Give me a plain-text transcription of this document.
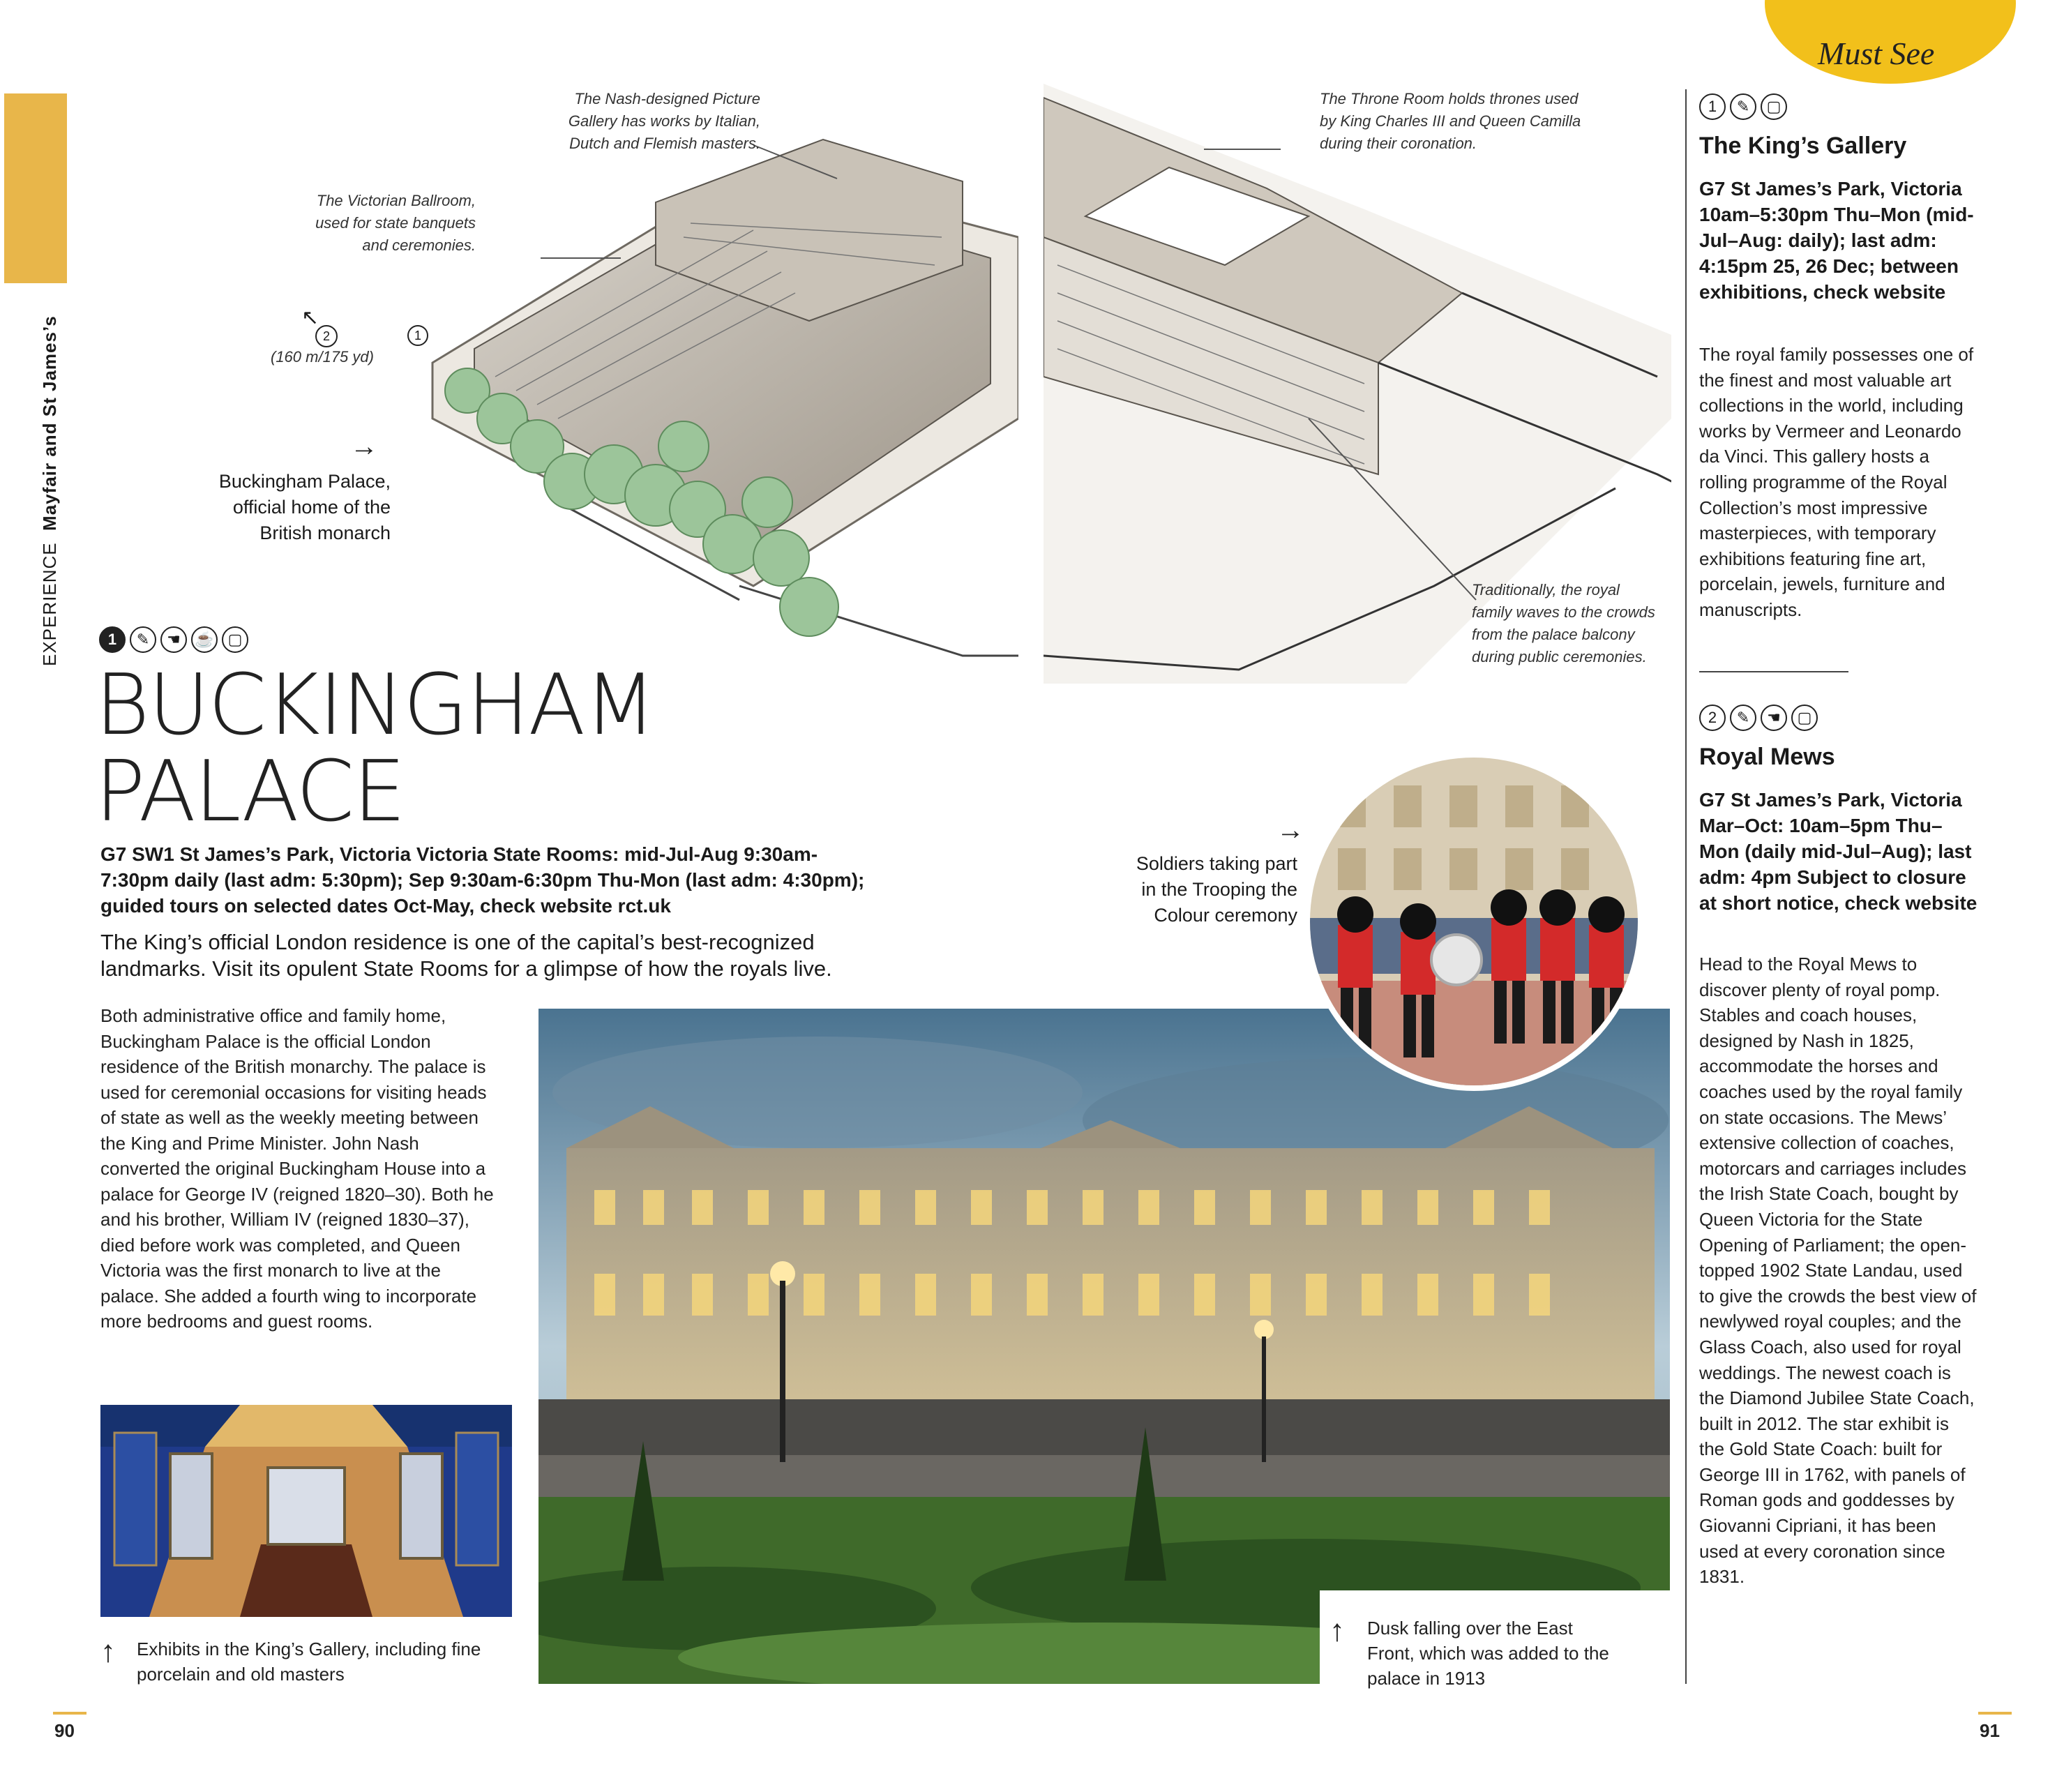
EXPERIENCE  Mayfair and St James’s
Must See
The Victorian Ballroom,
used for state banquets
and ceremonies.
The Nash-designed Picture
Gallery has works by Italian,
Dutch and Flemish masters.
The Throne Room holds thrones used
by King Charles III and Queen Camilla
during their coronation.
Traditionally, the royal
family waves to the crowds
from the palace balcony
during public ceremonies.
(160 m/175 yd)
↖
2	1
→
Buckingham Palace,
official home of the
British monarch
1	✎	☚ ☕ ▢
BUCKINGHAM
PALACE
G7 SW1 St James’s Park, Victoria Victoria State Rooms: mid-Jul-Aug 9:30am-7:30pm daily (last adm: 5:30pm); Sep 9:30am-6:30pm Thu-Mon (last adm: 4:30pm); guided tours on selected dates Oct-May, check website rct.uk
The King’s official London residence is one of the capital’s best-recognized landmarks. Visit its opulent State Rooms for a glimpse of how the royals live.
Both administrative office and family home, Buckingham Palace is the official London residence of the British monarchy. The palace is used for ceremonial occasions for visiting heads of state as well as the weekly meeting between the King and Prime Minister. John Nash converted the original Buckingham House into a palace for George IV (reigned 1820–30). Both he and his brother, William IV (reigned 1830–37), died before work was completed, and Queen Victoria was the first monarch to live at the palace. She added a fourth wing to incorporate more bedrooms and guest rooms.
↑ Exhibits in the King’s Gallery, including fine porcelain and old masters
↑ Dusk falling over the East Front, which was added to the palace in 1913
→
Soldiers taking part in the Trooping the Colour ceremony
1	✎	▢
The King’s Gallery
G7 St James’s Park, Victoria 10am–5:30pm Thu–Mon (mid-Jul–Aug: daily); last adm: 4:15pm 25, 26 Dec; between exhibitions, check website
The royal family possesses one of the finest and most valuable art collections in the world, including works by Vermeer and Leonardo da Vinci. This gallery hosts a rolling programme of the Royal Collection’s most impressive masterpieces, with temporary exhibitions featuring fine art, porcelain, jewels, furniture and manuscripts.
2	✎	☚	▢
Royal Mews
G7 St James’s Park, Victoria Mar–Oct: 10am–5pm Thu–Mon (daily mid-Jul–Aug); last adm: 4pm Subject to closure at short notice, check website
Head to the Royal Mews to discover plenty of royal pomp. Stables and coach houses, designed by Nash in 1825, accommodate the horses and coaches used by the royal family on state occasions. The Mews’ extensive collection of coaches, motorcars and carriages includes the Irish State Coach, bought by Queen Victoria for the State Opening of Parliament; the open-topped 1902 State Landau, used to give the crowds the best view of newlywed royal couples; and the Glass Coach, also used for royal weddings. The newest coach is the Diamond Jubilee State Coach, built in 2012. The star exhibit is the Gold State Coach: built for George III in 1762, with panels of Roman gods and goddesses by Giovanni Cipriani, it has been used at every coronation since 1831.
90	91
